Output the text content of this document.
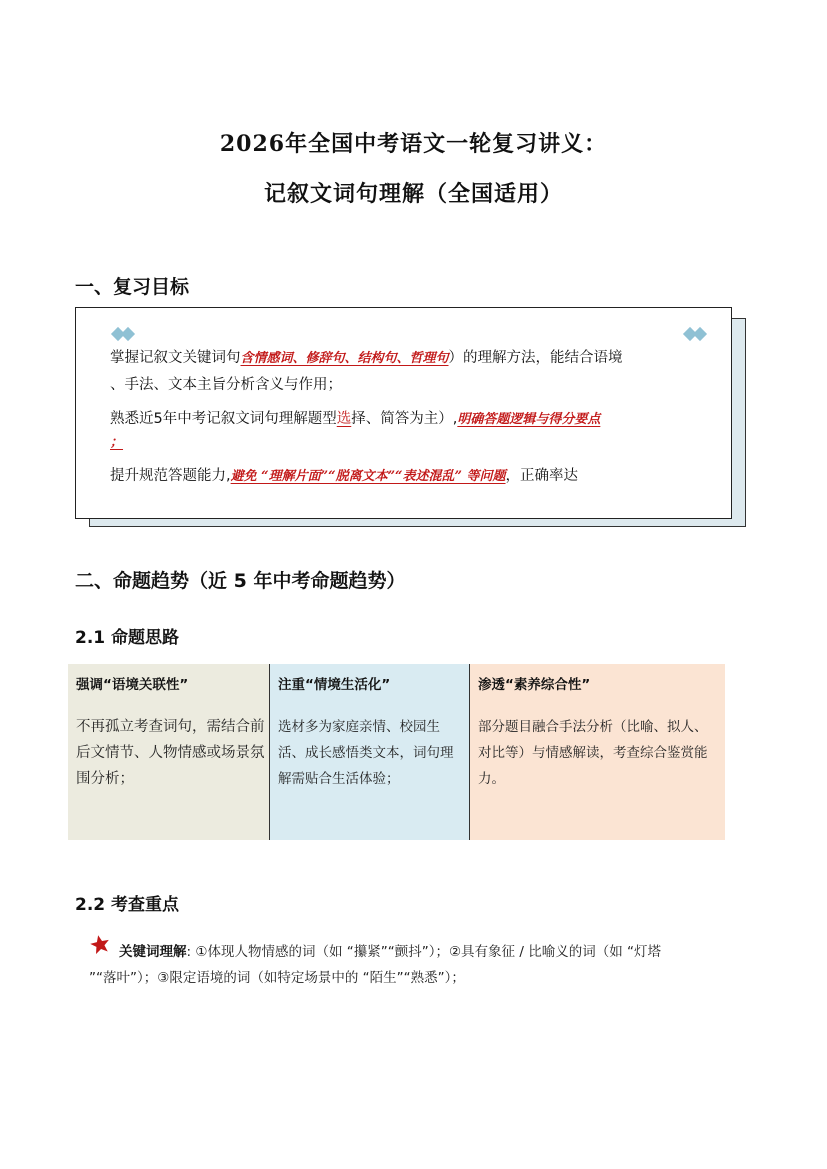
2026年全国中考语文一轮复习讲义：
记叙文词句理解（全国适用）
一、复习目标
掌握记叙文关键词句含情感词、修辞句、结构句、哲理句）的理解方法，能结合语境
、手法、文本主旨分析含义与作用；
熟悉近5年中考记叙文词句理解题型选择、简答为主）,明确答题逻辑与得分要点
；
提升规范答题能力,避免 “理解片面”“脱离文本”“表述混乱” 等问题，正确率达
二、命题趋势（近 5 年中考命题趋势）
2.1 命题思路
强调“语境关联性”
不再孤立考查词句，需结合前后文情节、人物情感或场景氛围分析；
注重“情境生活化”
选材多为家庭亲情、校园生活、成长感悟类文本，词句理解需贴合生活体验；
渗透“素养综合性”
部分题目融合手法分析（比喻、拟人、对比等）与情感解读，考查综合鉴赏能力。
2.2 考查重点
关键词理解: ①体现人物情感的词（如 “攥紧”“颤抖”）；②具有象征 / 比喻义的词（如 “灯塔
”“落叶”）；③限定语境的词（如特定场景中的 “陌生”“熟悉”）；
